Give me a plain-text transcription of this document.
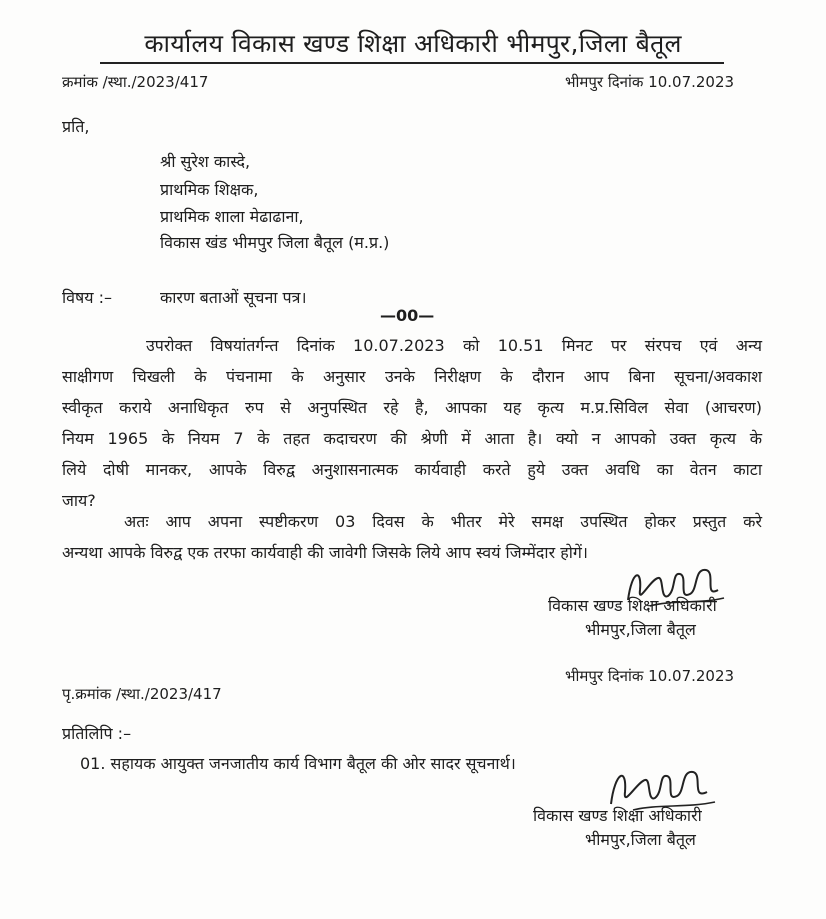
कार्यालय विकास खण्ड शिक्षा अधिकारी भीमपुर,जिला बैतूल
क्रमांक /स्था./2023/417	भीमपुर दिनांक 10.07.2023
प्रति,
श्री सुरेश कास्दे,
प्राथमिक शिक्षक,
प्राथमिक शाला मेढाढाना,
विकास खंड भीमपुर जिला बैतूल (म.प्र.)
विषय :–	कारण बताओं सूचना पत्र।
—00—
उपरोक्त विषयांतर्गन्त दिनांक 10.07.2023 को 10.51 मिनट पर संरपच एवं अन्य
साक्षीगण चिखली के पंचनामा के अनुसार उनके निरीक्षण के दौरान आप बिना सूचना/अवकाश
स्वीकृत कराये अनाधिकृत रुप से अनुपस्थित रहे है, आपका यह कृत्य म.प्र.सिविल सेवा (आचरण)
नियम 1965 के नियम 7 के तहत कदाचरण की श्रेणी में आता है। क्यो न आपको उक्त कृत्य के
लिये दोषी मानकर, आपके विरुद्व अनुशासनात्मक कार्यवाही करते हुये उक्त अवधि का वेतन काटा
जाय?
अतः आप अपना स्पष्टीकरण 03 दिवस के भीतर मेरे समक्ष उपस्थित होकर प्रस्तुत करे
अन्यथा आपके विरुद्व एक तरफा कार्यवाही की जावेगी जिसके लिये आप स्वयं जिम्मेंदार होगें।
विकास खण्ड शिक्षा अधिकारी
भीमपुर,जिला बैतूल
भीमपुर दिनांक 10.07.2023
पृ.क्रमांक /स्था./2023/417
प्रतिलिपि :–
01. सहायक आयुक्त जनजातीय कार्य विभाग बैतूल की ओर सादर सूचनार्थ।
विकास खण्ड शिक्षा अधिकारी
भीमपुर,जिला बैतूल
